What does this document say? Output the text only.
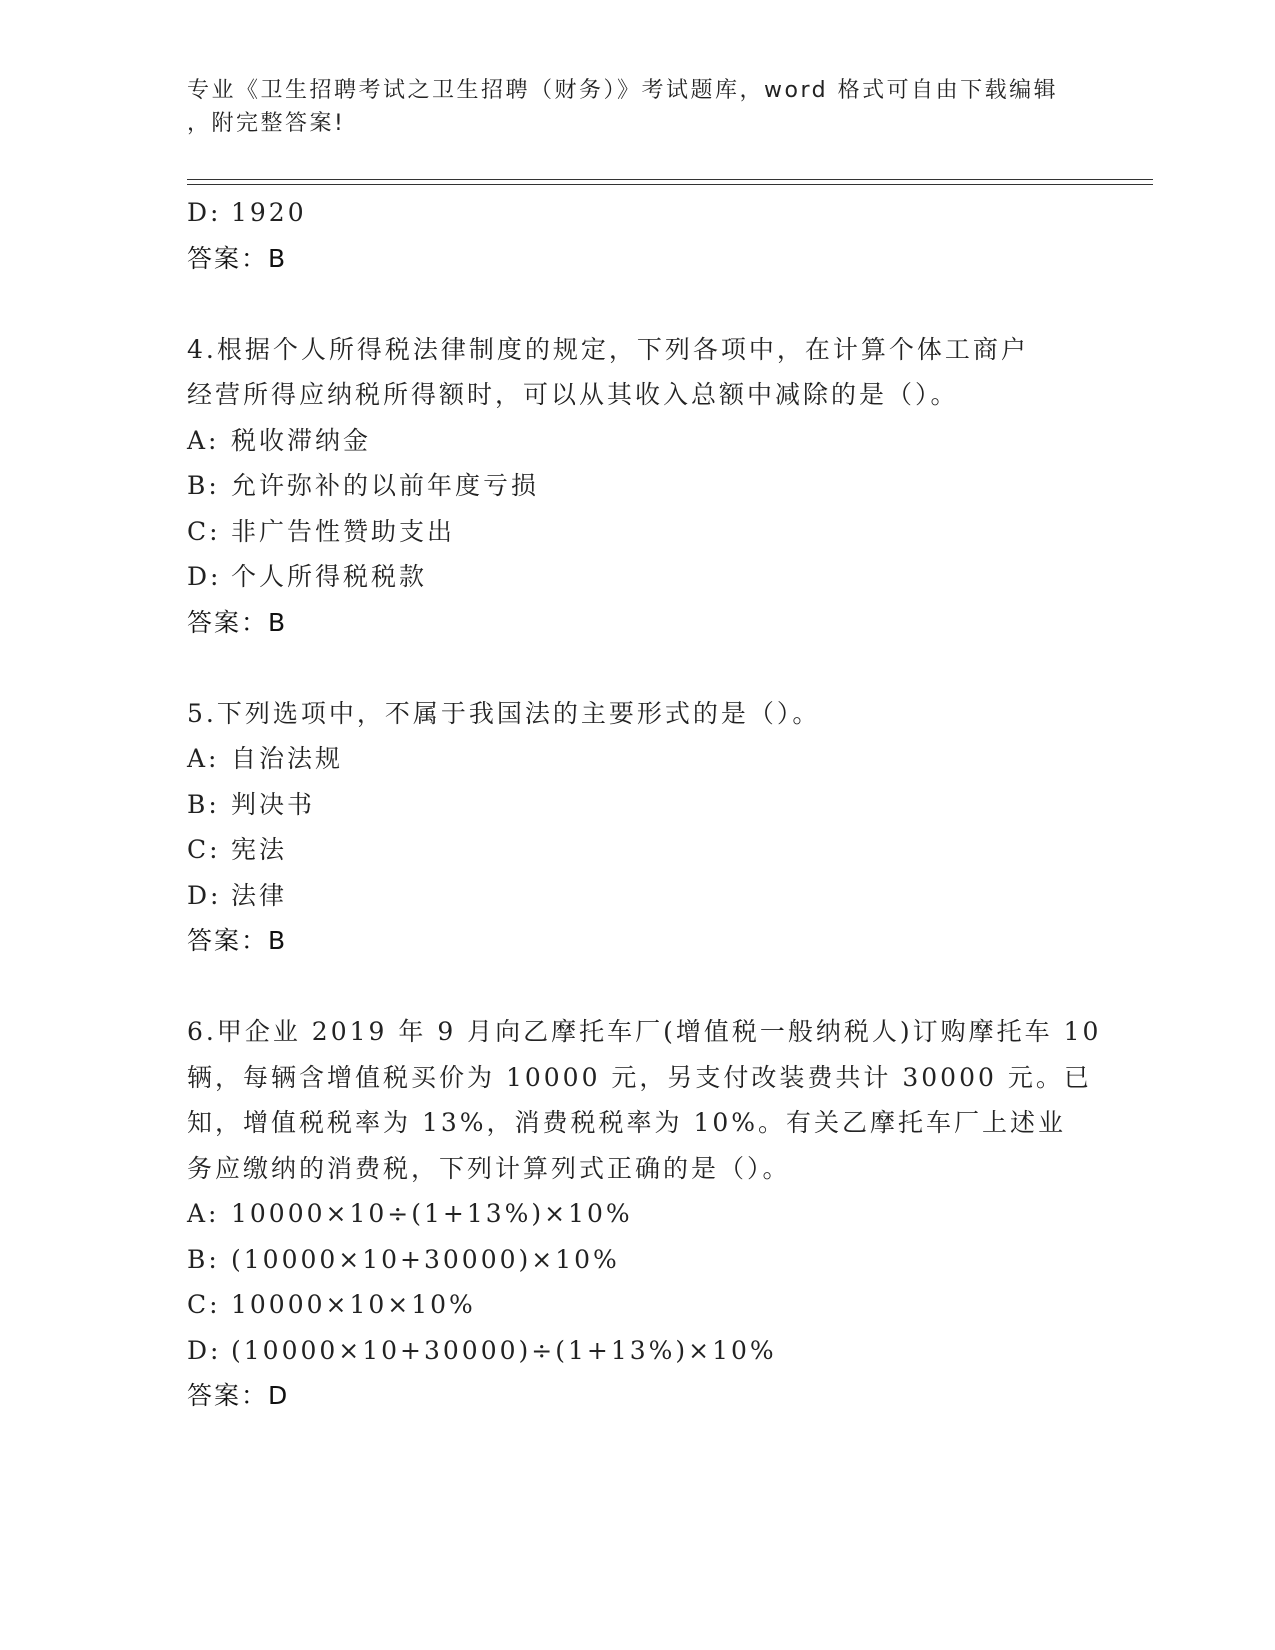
专业《卫生招聘考试之卫生招聘（财务）》考试题库，word 格式可自由下载编辑
，附完整答案!
D: 1920
答案：B
4.根据个人所得税法律制度的规定，下列各项中，在计算个体工商户
经营所得应纳税所得额时，可以从其收入总额中减除的是（）。
A: 税收滞纳金
B: 允许弥补的以前年度亏损
C: 非广告性赞助支出
D: 个人所得税税款
答案：B
5.下列选项中，不属于我国法的主要形式的是（）。
A: 自治法规
B: 判决书
C: 宪法
D: 法律
答案：B
6.甲企业 2019 年 9 月向乙摩托车厂(增值税一般纳税人)订购摩托车 10
辆，每辆含增值税买价为 10000 元，另支付改装费共计 30000 元。已
知，增值税税率为 13%，消费税税率为 10%。有关乙摩托车厂上述业
务应缴纳的消费税，下列计算列式正确的是（）。
A: 10000×10÷(1+13%)×10%
B: (10000×10+30000)×10%
C: 10000×10×10%
D: (10000×10+30000)÷(1+13%)×10%
答案：D
